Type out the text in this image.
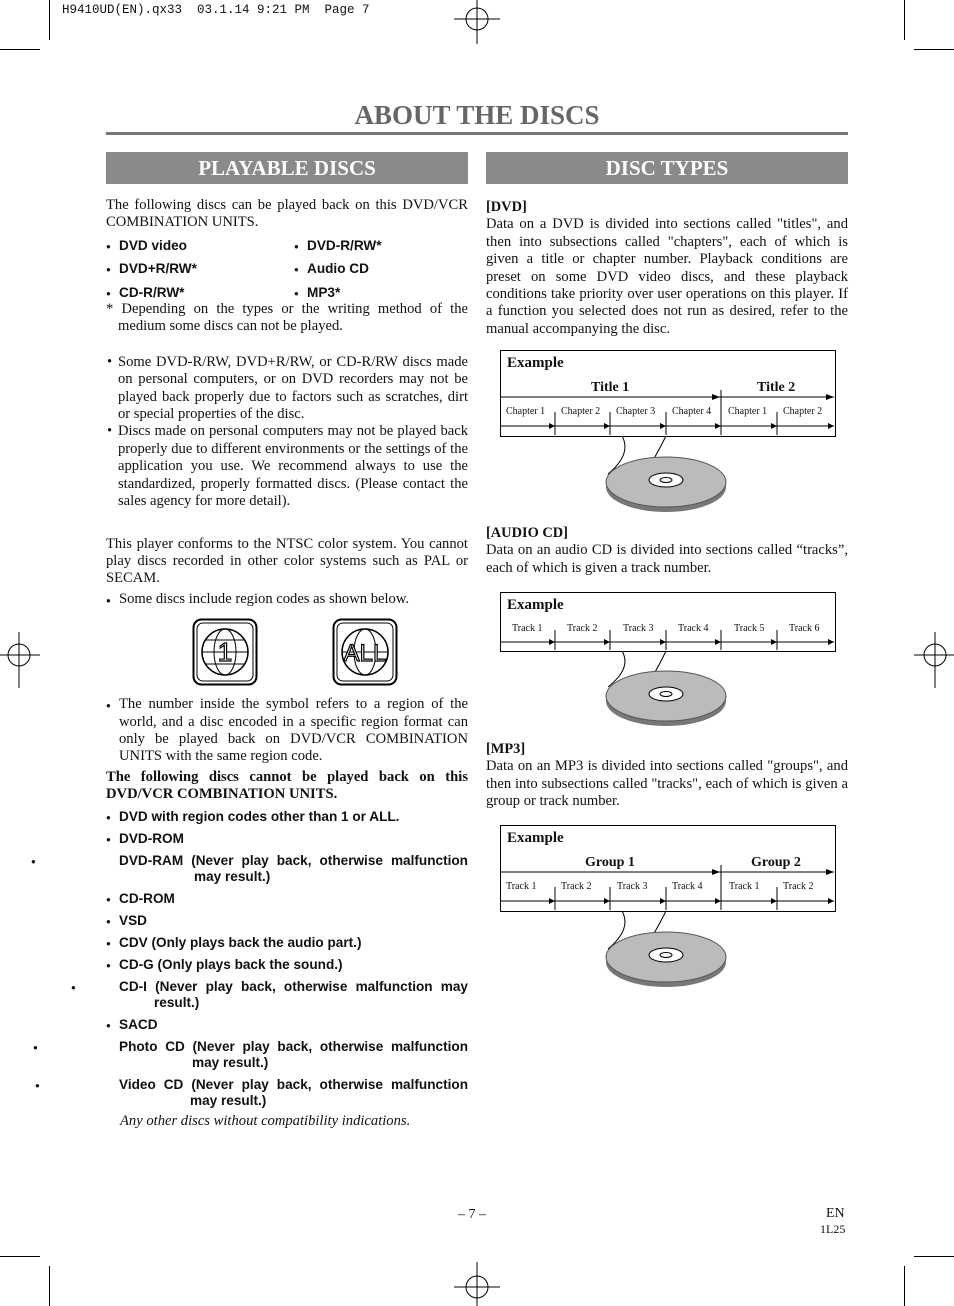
H9410UD(EN).qx33  03.1.14 9:21 PM  Page 7
ABOUT THE DISCS
PLAYABLE DISCS	DISC TYPES
The following discs can be played back on this DVD/VCR COMBINATION UNITS.
● DVD video	● DVD-R/RW*
● DVD+R/RW*	● Audio CD
● CD-R/RW*	● MP3*
* Depending on the types or the writing method of the medium some discs can not be played.
• Some DVD-R/RW, DVD+R/RW, or CD-R/RW discs made on personal computers, or on DVD recorders may not be played back properly due to factors such as scratches, dirt or special properties of the disc.
• Discs made on personal computers may not be played back properly due to different environments or the settings of the application you use. We recommend always to use the standardized, properly formatted discs. (Please contact the sales agency for more detail).
This player conforms to the NTSC color system. You cannot play discs recorded in other color systems such as PAL or SECAM.
● Some discs include region codes as shown below.
1	ALL
● The number inside the symbol refers to a region of the world, and a disc encoded in a specific region format can only be played back on DVD/VCR COMBINATION UNITS with the same region code.
The following discs cannot be played back on this DVD/VCR COMBINATION UNITS.
● DVD with region codes other than 1 or ALL.
● DVD-ROM
● DVD-RAM (Never play back, otherwise malfunction may result.)
● CD-ROM
● VSD
● CDV (Only plays back the audio part.)
● CD-G (Only plays back the sound.)
● CD-I (Never play back, otherwise malfunction may result.)
● SACD
● Photo CD (Never play back, otherwise malfunction may result.)
● Video CD (Never play back, otherwise malfunction may result.)
Any other discs without compatibility indications.
[DVD]
Data on a DVD is divided into sections called "titles", and then into subsections called "chapters", each of which is given a title or chapter number. Playback conditions are preset on some DVD video discs, and these playback conditions take priority over user operations on this player. If a function you selected does not run as desired, refer to the manual accompanying the disc.
Example
Title 1	Title 2
Chapter 1 Chapter 2 Chapter 3 Chapter 4 Chapter 1 Chapter 2
[AUDIO CD]
Data on an audio CD is divided into sections called “tracks”, each of which is given a track number.
Example
Track 1 Track 2	Track 3 Track 4	Track 5 Track 6
[MP3]
Data on an MP3 is divided into sections called "groups", and then into subsections called "tracks", each of which is given a group or track number.
Example
Group 1	Group 2
Track 1 Track 2	Track 3 Track 4	Track 1 Track 2
– 7 –	EN
1L25
